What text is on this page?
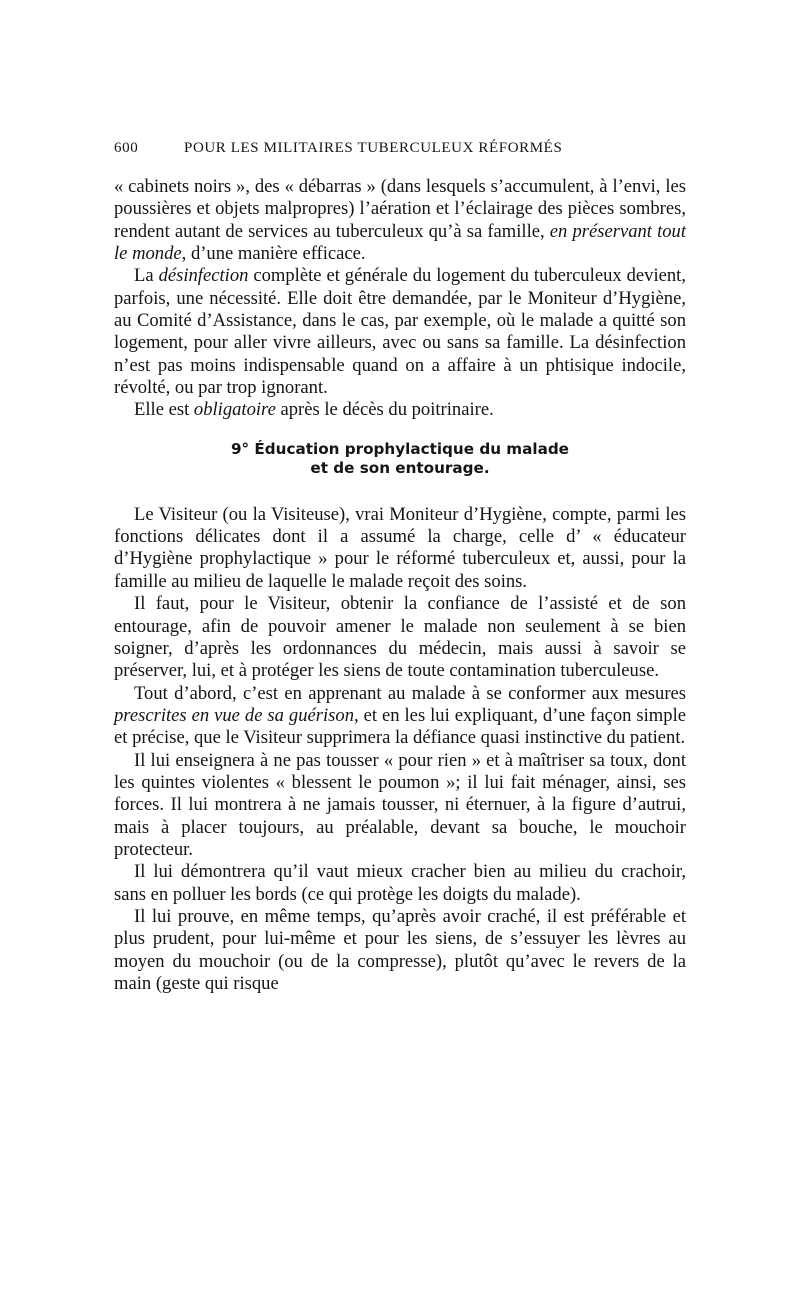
600	POUR LES MILITAIRES TUBERCULEUX RÉFORMÉS

« cabinets noirs », des « débarras » (dans lesquels s’accumulent, à l’envi, les poussières et objets malpropres) l’aération et l’éclairage des pièces sombres, rendent autant de services au tuberculeux qu’à sa famille, en préservant tout le monde, d’une manière efficace.

La désinfection complète et générale du logement du tuberculeux devient, parfois, une nécessité. Elle doit être demandée, par le Moniteur d’Hygiène, au Comité d’Assistance, dans le cas, par exemple, où le malade a quitté son logement, pour aller vivre ailleurs, avec ou sans sa famille. La désinfection n’est pas moins indispensable quand on a affaire à un phtisique indocile, révolté, ou par trop ignorant.

Elle est obligatoire après le décès du poitrinaire.

9° Éducation prophylactique du malade
et de son entourage.

Le Visiteur (ou la Visiteuse), vrai Moniteur d’Hygiène, compte, parmi les fonctions délicates dont il a assumé la charge, celle d’ « éducateur d’Hygiène prophylactique » pour le réformé tuberculeux et, aussi, pour la famille au milieu de laquelle le malade reçoit des soins.

Il faut, pour le Visiteur, obtenir la confiance de l’assisté et de son entourage, afin de pouvoir amener le malade non seulement à se bien soigner, d’après les ordonnances du médecin, mais aussi à savoir se préserver, lui, et à protéger les siens de toute contamination tuberculeuse.

Tout d’abord, c’est en apprenant au malade à se conformer aux mesures prescrites en vue de sa guérison, et en les lui expliquant, d’une façon simple et précise, que le Visiteur supprimera la défiance quasi instinctive du patient.

Il lui enseignera à ne pas tousser « pour rien » et à maîtriser sa toux, dont les quintes violentes « blessent le poumon »; il lui fait ménager, ainsi, ses forces. Il lui montrera à ne jamais tousser, ni éternuer, à la figure d’autrui, mais à placer toujours, au préalable, devant sa bouche, le mouchoir protecteur.

Il lui démontrera qu’il vaut mieux cracher bien au milieu du crachoir, sans en polluer les bords (ce qui protège les doigts du malade).

Il lui prouve, en même temps, qu’après avoir craché, il est préférable et plus prudent, pour lui-même et pour les siens, de s’essuyer les lèvres au moyen du mouchoir (ou de la compresse), plutôt qu’avec le revers de la main (geste qui risque
